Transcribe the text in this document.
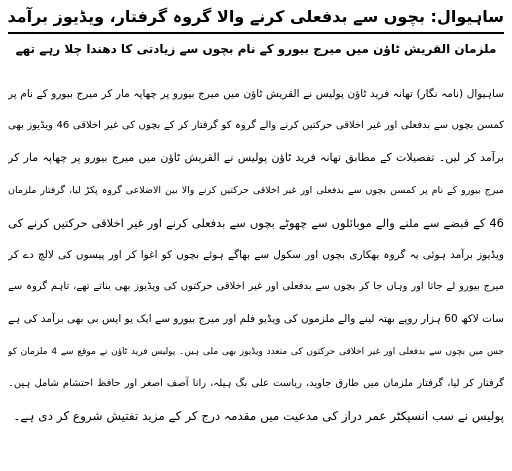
ساہیوال: بچوں سے بدفعلی کرنے والا گروہ گرفتار، ویڈیوز برآمد
ملزمان القریش ٹاؤن میں میرج بیورو کے نام بچوں سے زیادتی کا دھندا چلا رہے تھے
ساہیوال (نامہ نگار) تھانہ فرید ٹاؤن پولیس نے القریش ٹاؤن میں میرج بیورو پر چھاپہ مار کر میرج بیورو کے نام پر
کمسن بچوں سے بدفعلی اور غیر اخلاقی حرکتیں کرنے والے گروہ کو گرفتار کر کے بچوں کی غیر اخلاقی 46 ویڈیوز بھی
برآمد کر لیں۔ تفصیلات کے مطابق تھانہ فرید ٹاؤن پولیس نے القریش ٹاؤن میں میرج بیورو پر چھاپہ مار کر
میرج بیورو کے نام پر کمسن بچوں سے بدفعلی اور غیر اخلاقی حرکتیں کرنے والا بین الاضلاعی گروہ پکڑ لیا، گرفتار ملزمان
46 کے قبضے سے ملنے والے موبائلوں سے چھوٹے بچوں سے بدفعلی کرنے اور غیر اخلاقی حرکتیں کرنے کی
ویڈیوز برآمد ہوئی یہ گروہ بھکاری بچوں اور سکول سے بھاگے ہوئے بچوں کو اغوا کر اور پیسوں کی لالچ دے کر
میرج بیورو لے جاتا اور وہاں جا کر بچوں سے بدفعلی اور غیر اخلاقی حرکتوں کی ویڈیوز بھی بناتے تھے، تاہم گروہ سے
سات لاکھ 60 ہزار روپے بھتہ لینے والے ملزموں کی ویڈیو فلم اور میرج بیورو سے ایک یو ایس بی بھی برآمد کی ہے
جس میں بچوں سے بدفعلی اور غیر اخلاقی حرکتوں کی متعدد ویڈیوز بھی ملی ہیں۔ پولیس فرید ٹاؤن نے موقع سے 4 ملزمان کو
گرفتار کر لیا، گرفتار ملزمان میں طارق جاوید، ریاست علی بگ ہیلہ، رانا آصف اصغر اور حافظ احتشام شامل ہیں۔
پولیس نے سب انسپکٹر عمر دراز کی مدعیت میں مقدمہ درج کر کے مزید تفتیش شروع کر دی ہے۔
